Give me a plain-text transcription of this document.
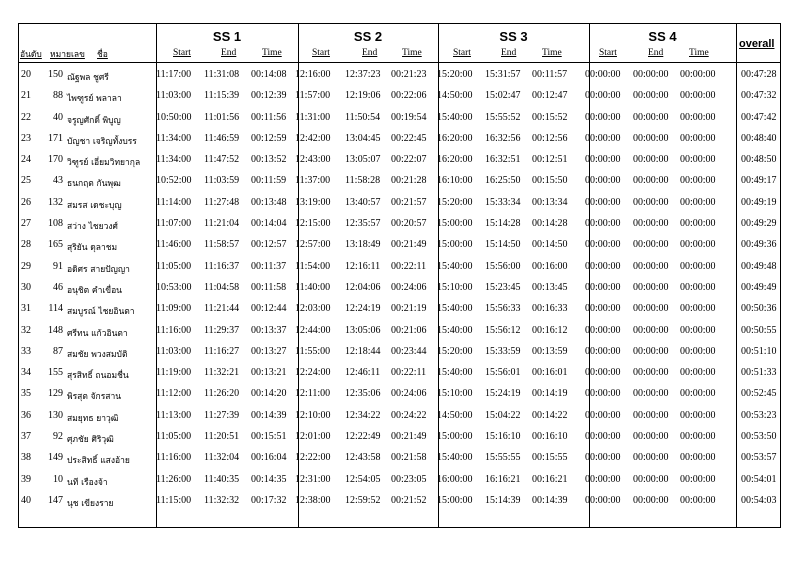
อันดับ หมายเลข ชื่อ
SS 1	SS 2	SS 3	SS 4
Start	End	Time	Start	End	Time	Start	End	Time	Start	End	Time
overall
20	150 ณัฐพล ชูศรี	11:17:00 11:31:08 00:14:08 12:16:00 12:37:23 00:21:23 15:20:00 15:31:57 00:11:57 00:00:00 00:00:00 00:00:00	00:47:28
21	88 ไพฑูรย์ พลาลา	11:03:00 11:15:39 00:12:39 11:57:00 12:19:06 00:22:06 14:50:00 15:02:47 00:12:47 00:00:00 00:00:00 00:00:00	00:47:32
22	40 จรูญศักดิ์ พิบูญ	10:50:00 11:01:56 00:11:56 11:31:00 11:50:54 00:19:54 15:40:00 15:55:52 00:15:52 00:00:00 00:00:00 00:00:00	00:47:42
23	171 บัญชา เจริญทั้งบรร 11:34:00 11:46:59 00:12:59 12:42:00 13:04:45 00:22:45 16:20:00 16:32:56 00:12:56 00:00:00 00:00:00 00:00:00	00:48:40
24	170 วิฑูรย์ เอี่ยมวิทยากุล 11:34:00 11:47:52 00:13:52 12:43:00 13:05:07 00:22:07 16:20:00 16:32:51 00:12:51 00:00:00 00:00:00 00:00:00	00:48:50
25	43 ธนกฤต กันพุฒ	10:52:00 11:03:59 00:11:59 11:37:00 11:58:28 00:21:28 16:10:00 16:25:50 00:15:50 00:00:00 00:00:00 00:00:00	00:49:17
26	132 สมรส เดชะบุญ	11:14:00 11:27:48 00:13:48 13:19:00 13:40:57 00:21:57 15:20:00 15:33:34 00:13:34 00:00:00 00:00:00 00:00:00	00:49:19
27	108 สว่าง ไชยวงศ์	11:07:00 11:21:04 00:14:04 12:15:00 12:35:57 00:20:57 15:00:00 15:14:28 00:14:28 00:00:00 00:00:00 00:00:00	00:49:29
28	165 สุริยัน ดุลาชม	11:46:00 11:58:57 00:12:57 12:57:00 13:18:49 00:21:49 15:00:00 15:14:50 00:14:50 00:00:00 00:00:00 00:00:00	00:49:36
29	91 อดิศร สายปัญญา	11:05:00 11:16:37 00:11:37 11:54:00 12:16:11 00:22:11 15:40:00 15:56:00 00:16:00 00:00:00 00:00:00 00:00:00	00:49:48
30	46 อนุชิต คำเขื่อน	10:53:00 11:04:58 00:11:58 11:40:00 12:04:06 00:24:06 15:10:00 15:23:45 00:13:45 00:00:00 00:00:00 00:00:00	00:49:49
31	114 สมบูรณ์ ไชยอินตา 11:09:00 11:21:44 00:12:44 12:03:00 12:24:19 00:21:19 15:40:00 15:56:33 00:16:33 00:00:00 00:00:00 00:00:00	00:50:36
32	148 ศรีทน แก้วอินตา	11:16:00 11:29:37 00:13:37 12:44:00 13:05:06 00:21:06 15:40:00 15:56:12 00:16:12 00:00:00 00:00:00 00:00:00	00:50:55
33	87 สมชัย พวงสมบัติ	11:03:00 11:16:27 00:13:27 11:55:00 12:18:44 00:23:44 15:20:00 15:33:59 00:13:59 00:00:00 00:00:00 00:00:00	00:51:10
34	155 สุรสิทธิ์ ถนอมชื่น	11:19:00 11:32:21 00:13:21 12:24:00 12:46:11 00:22:11 15:40:00 15:56:01 00:16:01 00:00:00 00:00:00 00:00:00	00:51:33
35	129 พิรสุต จักรสาน	11:12:00 11:26:20 00:14:20 12:11:00 12:35:06 00:24:06 15:10:00 15:24:19 00:14:19 00:00:00 00:00:00 00:00:00	00:52:45
36	130 สมยุทธ ยาวุฒิ	11:13:00 11:27:39 00:14:39 12:10:00 12:34:22 00:24:22 14:50:00 15:04:22 00:14:22 00:00:00 00:00:00 00:00:00	00:53:23
37	92 ศุภชัย ศิริวุฒิ	11:05:00 11:20:51 00:15:51 12:01:00 12:22:49 00:21:49 15:00:00 15:16:10 00:16:10 00:00:00 00:00:00 00:00:00	00:53:50
38	149 ประสิทธิ์ แสงอ้าย	11:16:00 11:32:04 00:16:04 12:22:00 12:43:58 00:21:58 15:40:00 15:55:55 00:15:55 00:00:00 00:00:00 00:00:00	00:53:57
39	10 นที เรืองจ้า	11:26:00 11:40:35 00:14:35 12:31:00 12:54:05 00:23:05 16:00:00 16:16:21 00:16:21 00:00:00 00:00:00 00:00:00	00:54:01
40	147 นุช เขียงราย	11:15:00 11:32:32 00:17:32 12:38:00 12:59:52 00:21:52 15:00:00 15:14:39 00:14:39 00:00:00 00:00:00 00:00:00	00:54:03
